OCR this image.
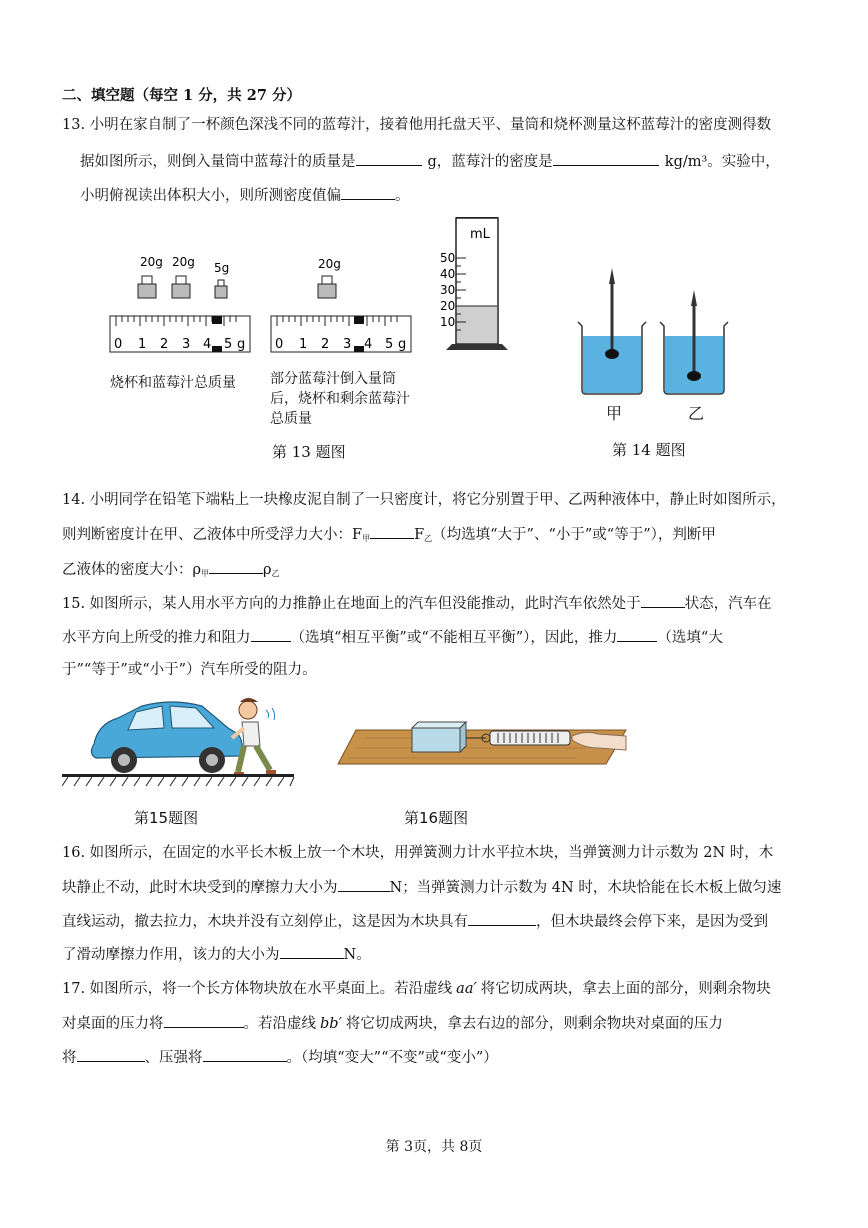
二、填空题（每空 1 分，共 27 分）
13. 小明在家自制了一杯颜色深浅不同的蓝莓汁，接着他用托盘天平、量筒和烧杯测量这杯蓝莓汁的密度测得数
据如图所示，则倒入量筒中蓝莓汁的质量是	g，蓝莓汁的密度是	kg/m³。实验中，
小明俯视读出体积大小，则所测密度值偏	。
20g 20g 5g
0 1 2 3 4 5 g
20g
0 1 2 3 4 5 g
mL
50
40
30
20
10
烧杯和蓝莓汁总质量 部分蓝莓汁倒入量筒
后，烧杯和剩余蓝莓汁
总质量
第 13 题图
甲	乙
第 14 题图
14. 小明同学在铅笔下端粘上一块橡皮泥自制了一只密度计，将它分别置于甲、乙两种液体中，静止时如图所示，
则判断密度计在甲、乙液体中所受浮力大小：$F_甲$	$F_乙$（均选填“大于”、“小于”或“等于”），判断甲
乙液体的密度大小：$\rho_甲$	$\rho_乙$
15. 如图所示，某人用水平方向的力推静止在地面上的汽车但没能推动，此时汽车依然处于	状态，汽车在
水平方向上所受的推力和阻力	（选填“相互平衡”或“不能相互平衡”），因此，推力	（选填“大
于”“等于”或“小于”）汽车所受的阻力。
第15题图	第16题图
16. 如图所示，在固定的水平长木板上放一个木块，用弹簧测力计水平拉木块，当弹簧测力计示数为 2N 时，木
块静止不动，此时木块受到的摩擦力大小为	N；当弹簧测力计示数为 4N 时，木块恰能在长木板上做匀速
直线运动，撤去拉力，木块并没有立刻停止，这是因为木块具有	，但木块最终会停下来，是因为受到
了滑动摩擦力作用，该力的大小为	N。
17. 如图所示，将一个长方体物块放在水平桌面上。若沿虚线 aa′ 将它切成两块，拿去上面的部分，则剩余物块
对桌面的压力将	。若沿虚线 bb′ 将它切成两块，拿去右边的部分，则剩余物块对桌面的压力
将	、压强将	。（均填“变大”“不变”或“变小”）
第 3页，共 8页
